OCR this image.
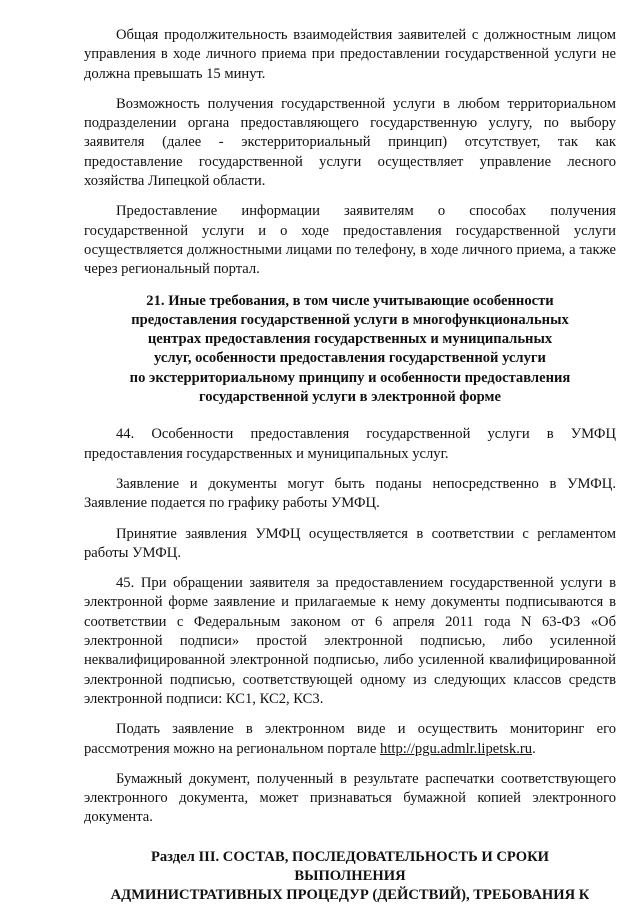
Общая продолжительность взаимодействия заявителей с должностным лицом управления в ходе личного приема при предоставлении государственной услуги не должна превышать 15 минут.

Возможность получения государственной услуги в любом территориальном подразделении органа предоставляющего государственную услугу, по выбору заявителя (далее - экстерриториальный принцип) отсутствует, так как предоставление государственной услуги осуществляет управление лесного хозяйства Липецкой области.

Предоставление информации заявителям о способах получения государственной услуги и о ходе предоставления государственной услуги осуществляется должностными лицами по телефону, в ходе личного приема, а также через региональный портал.

21. Иные требования, в том числе учитывающие особенности
предоставления государственной услуги в многофункциональных
центрах предоставления государственных и муниципальных
услуг, особенности предоставления государственной услуги
по экстерриториальному принципу и особенности предоставления
государственной услуги в электронной форме

44. Особенности предоставления государственной услуги в УМФЦ предоставления государственных и муниципальных услуг.

Заявление и документы могут быть поданы непосредственно в УМФЦ. Заявление подается по графику работы УМФЦ.

Принятие заявления УМФЦ осуществляется в соответствии с регламентом работы УМФЦ.

45. При обращении заявителя за предоставлением государственной услуги в электронной форме заявление и прилагаемые к нему документы подписываются в соответствии с Федеральным законом от 6 апреля 2011 года N 63-ФЗ «Об электронной подписи» простой электронной подписью, либо усиленной неквалифицированной электронной подписью, либо усиленной квалифицированной электронной подписью, соответствующей одному из следующих классов средств электронной подписи: КС1, КС2, КС3.

Подать заявление в электронном виде и осуществить мониторинг его рассмотрения можно на региональном портале http://pgu.admlr.lipetsk.ru.

Бумажный документ, полученный в результате распечатки соответствующего электронного документа, может признаваться бумажной копией электронного документа.

Раздел III. СОСТАВ, ПОСЛЕДОВАТЕЛЬНОСТЬ И СРОКИ
ВЫПОЛНЕНИЯ
АДМИНИСТРАТИВНЫХ ПРОЦЕДУР (ДЕЙСТВИЙ), ТРЕБОВАНИЯ К
